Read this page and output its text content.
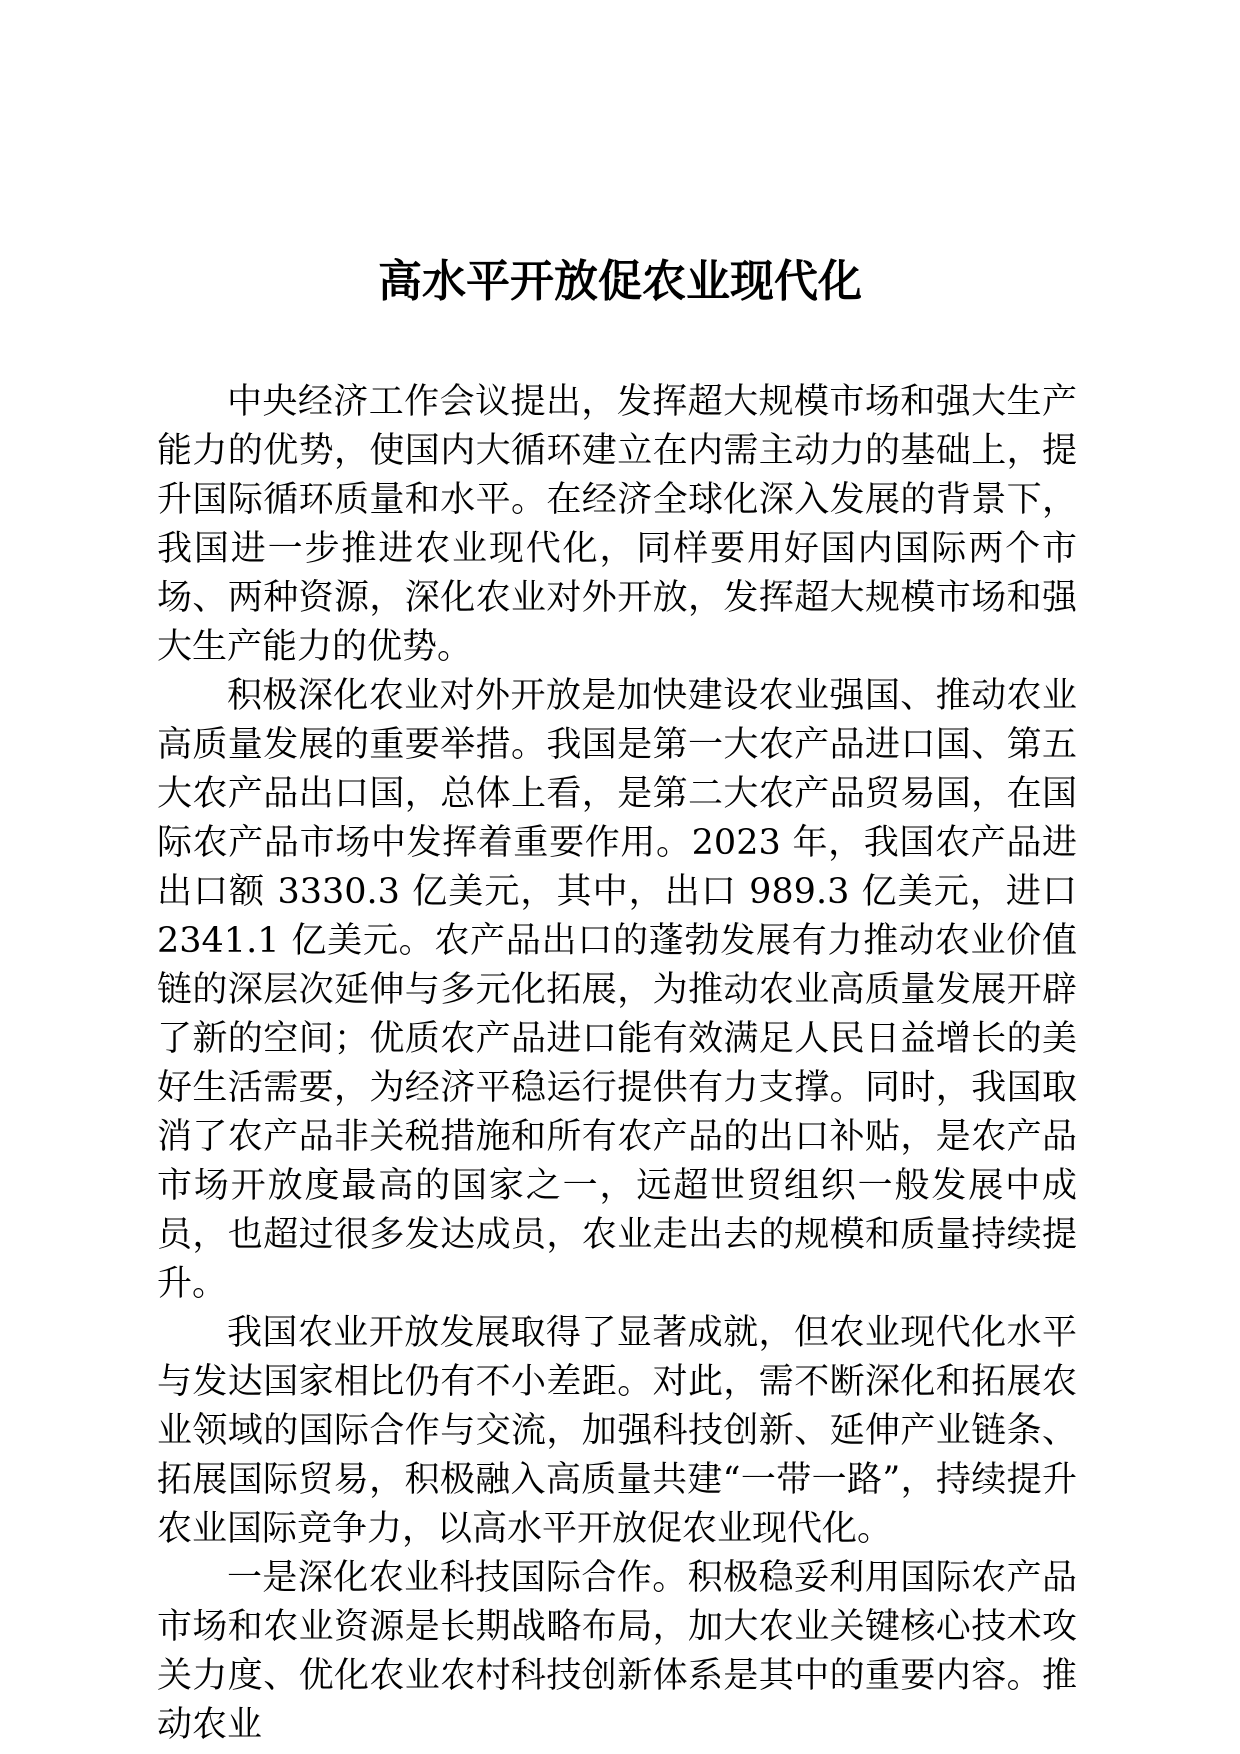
高水平开放促农业现代化

中央经济工作会议提出，发挥超大规模市场和强大生产能力的优势，使国内大循环建立在内需主动力的基础上，提升国际循环质量和水平。在经济全球化深入发展的背景下，我国进一步推进农业现代化，同样要用好国内国际两个市场、两种资源，深化农业对外开放，发挥超大规模市场和强大生产能力的优势。

积极深化农业对外开放是加快建设农业强国、推动农业高质量发展的重要举措。我国是第一大农产品进口国、第五大农产品出口国，总体上看，是第二大农产品贸易国，在国际农产品市场中发挥着重要作用。2023 年，我国农产品进出口额 3330.3 亿美元，其中，出口 989.3 亿美元，进口 2341.1 亿美元。农产品出口的蓬勃发展有力推动农业价值链的深层次延伸与多元化拓展，为推动农业高质量发展开辟了新的空间；优质农产品进口能有效满足人民日益增长的美好生活需要，为经济平稳运行提供有力支撑。同时，我国取消了农产品非关税措施和所有农产品的出口补贴，是农产品市场开放度最高的国家之一，远超世贸组织一般发展中成员，也超过很多发达成员，农业走出去的规模和质量持续提升。

我国农业开放发展取得了显著成就，但农业现代化水平与发达国家相比仍有不小差距。对此，需不断深化和拓展农业领域的国际合作与交流，加强科技创新、延伸产业链条、拓展国际贸易，积极融入高质量共建“一带一路”，持续提升农业国际竞争力，以高水平开放促农业现代化。

一是深化农业科技国际合作。积极稳妥利用国际农产品市场和农业资源是长期战略布局，加大农业关键核心技术攻关力度、优化农业农村科技创新体系是其中的重要内容。推动农业
